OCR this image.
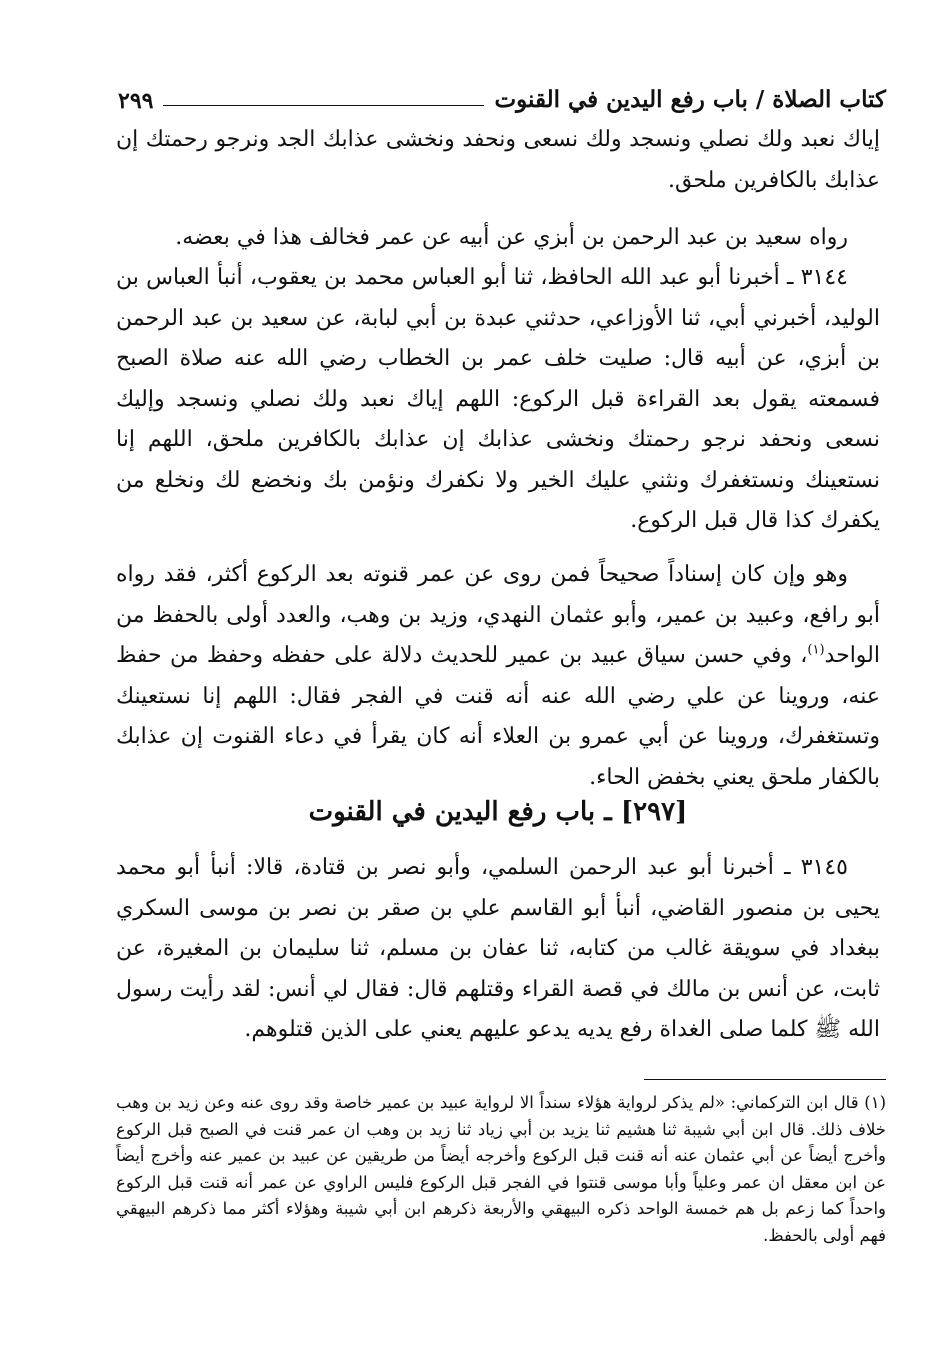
كتاب الصلاة / باب رفع اليدين في القنوت
٢٩٩

إياك نعبد ولك نصلي ونسجد ولك نسعى ونحفد ونخشى عذابك الجد ونرجو رحمتك إن عذابك بالكافرين ملحق.

رواه سعيد بن عبد الرحمن بن أبزي عن أبيه عن عمر فخالف هذا في بعضه.

٣١٤٤ ـ أخبرنا أبو عبد الله الحافظ، ثنا أبو العباس محمد بن يعقوب، أنبأ العباس بن الوليد، أخبرني أبي، ثنا الأوزاعي، حدثني عبدة بن أبي لبابة، عن سعيد بن عبد الرحمن بن أبزي، عن أبيه قال: صليت خلف عمر بن الخطاب رضي الله عنه صلاة الصبح فسمعته يقول بعد القراءة قبل الركوع: اللهم إياك نعبد ولك نصلي ونسجد وإليك نسعى ونحفد نرجو رحمتك ونخشى عذابك إن عذابك بالكافرين ملحق، اللهم إنا نستعينك ونستغفرك ونثني عليك الخير ولا نكفرك ونؤمن بك ونخضع لك ونخلع من يكفرك كذا قال قبل الركوع.

وهو وإن كان إسناداً صحيحاً فمن روى عن عمر قنوته بعد الركوع أكثر، فقد رواه أبو رافع، وعبيد بن عمير، وأبو عثمان النهدي، وزيد بن وهب، والعدد أولى بالحفظ من الواحد$^{(١)}$، وفي حسن سياق عبيد بن عمير للحديث دلالة على حفظه وحفظ من حفظ عنه، وروينا عن علي رضي الله عنه أنه قنت في الفجر فقال: اللهم إنا نستعينك وتستغفرك، وروينا عن أبي عمرو بن العلاء أنه كان يقرأ في دعاء القنوت إن عذابك بالكفار ملحق يعني بخفض الحاء.

[٢٩٧] ـ باب رفع اليدين في القنوت

٣١٤٥ ـ أخبرنا أبو عبد الرحمن السلمي، وأبو نصر بن قتادة، قالا: أنبأ أبو محمد يحيى بن منصور القاضي، أنبأ أبو القاسم علي بن صقر بن نصر بن موسى السكري ببغداد في سويقة غالب من كتابه، ثنا عفان بن مسلم، ثنا سليمان بن المغيرة، عن ثابت، عن أنس بن مالك في قصة القراء وقتلهم قال: فقال لي أنس: لقد رأيت رسول الله ﷺ كلما صلى الغداة رفع يديه يدعو عليهم يعني على الذين قتلوهم.

(١) قال ابن التركماني: «لم يذكر لرواية هؤلاء سنداً الا لرواية عبيد بن عمير خاصة وقد روى عنه وعن زيد بن وهب خلاف ذلك. قال ابن أبي شيبة ثنا هشيم ثنا يزيد بن أبي زياد ثنا زيد بن وهب ان عمر قنت في الصبح قبل الركوع وأخرج أيضاً عن أبي عثمان عنه أنه قنت قبل الركوع وأخرجه أيضاً من طريقين عن عبيد بن عمير عنه وأخرج أيضاً عن ابن معقل ان عمر وعلياً وأبا موسى قنتوا في الفجر قبل الركوع فليس الراوي عن عمر أنه قنت قبل الركوع واحداً كما زعم بل هم خمسة الواحد ذكره البيهقي والأربعة ذكرهم ابن أبي شيبة وهؤلاء أكثر مما ذكرهم البيهقي فهم أولى بالحفظ.
